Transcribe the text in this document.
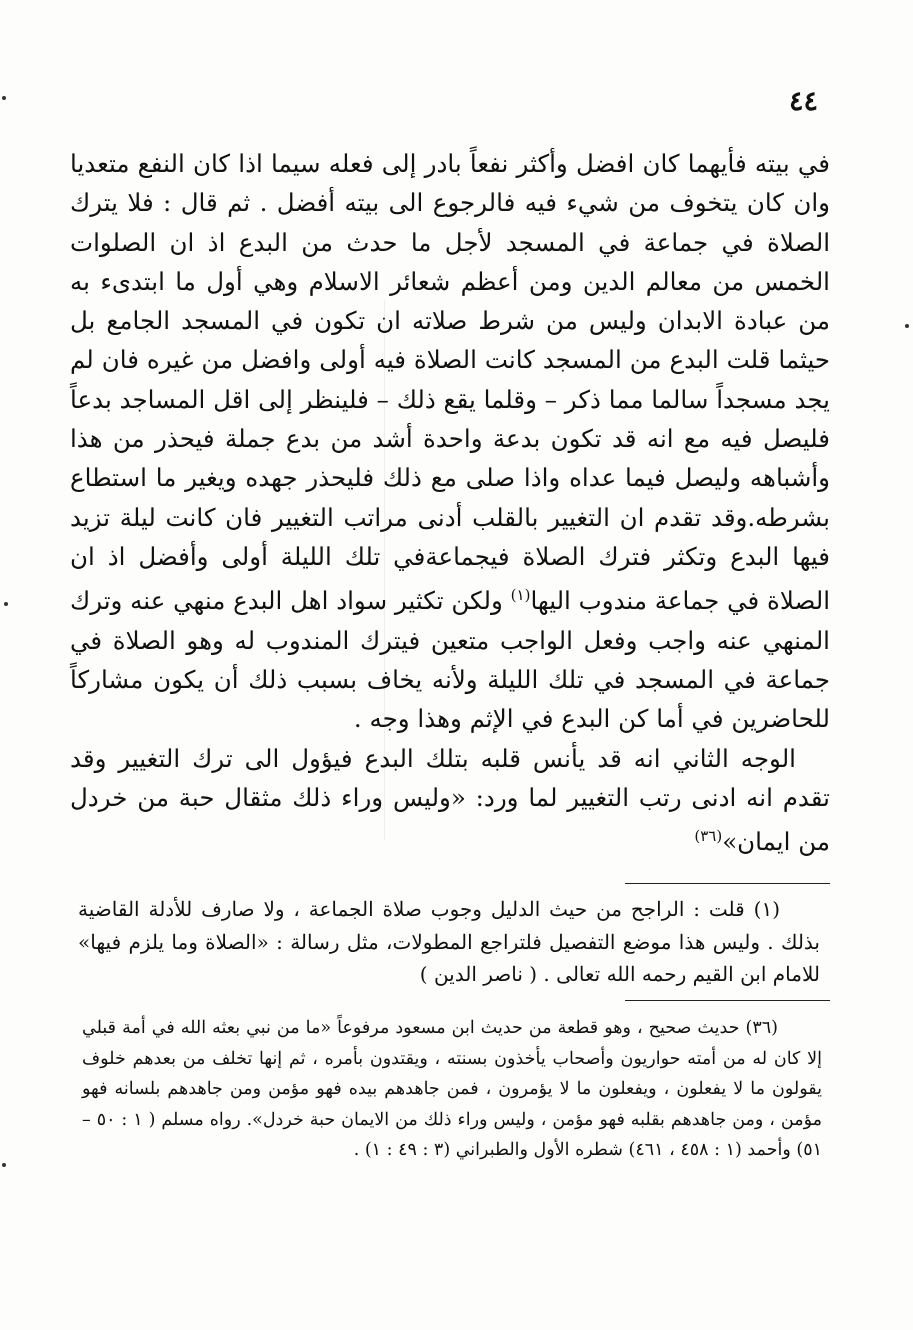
٤٤

في بيته فأيهما كان افضل وأكثر نفعاً بادر إلى فعله سيما اذا كان النفع متعديا وان كان يتخوف من شيء فيه فالرجوع الى بيته أفضل . ثم قال : فلا يترك الصلاة في جماعة في المسجد لأجل ما حدث من البدع اذ ان الصلوات الخمس من معالم الدين ومن أعظم شعائر الاسلام وهي أول ما ابتدىء به من عبادة الابدان وليس من شرط صلاته ان تكون في المسجد الجامع بل حيثما قلت البدع من المسجد كانت الصلاة فيه أولى وافضل من غيره فان لم يجد مسجداً سالما مما ذكر – وقلما يقع ذلك – فلينظر إلى اقل المساجد بدعاً فليصل فيه مع انه قد تكون بدعة واحدة أشد من بدع جملة فيحذر من هذا وأشباهه وليصل فيما عداه واذا صلى مع ذلك فليحذر جهده ويغير ما استطاع بشرطه.وقد تقدم ان التغيير بالقلب أدنى مراتب التغيير فان كانت ليلة تزيد فيها البدع وتكثر فترك الصلاة فيجماعةفي تلك الليلة أولى وأفضل اذ ان الصلاة في جماعة مندوب اليها$^{(١)}$ ولكن تكثير سواد اهل البدع منهي عنه وترك المنهي عنه واجب وفعل الواجب متعين فيترك المندوب له وهو الصلاة في جماعة في المسجد في تلك الليلة ولأنه يخاف بسبب ذلك أن يكون مشاركاً للحاضرين في أما كن البدع في الإثم وهذا وجه .

الوجه الثاني انه قد يأنس قلبه بتلك البدع فيؤول الى ترك التغيير وقد تقدم انه ادنى رتب التغيير لما ورد: «وليس وراء ذلك مثقال حبة من خردل من ايمان»$^{(٣٦)}$

(١) قلت : الراجح من حيث الدليل وجوب صلاة الجماعة ، ولا صارف للأدلة القاضية بذلك . وليس هذا موضع التفصيل فلتراجع المطولات، مثل رسالة : «الصلاة وما يلزم فيها» للامام ابن القيم رحمه الله تعالى . ( ناصر الدين )

(٣٦) حديث صحيح ، وهو قطعة من حديث ابن مسعود مرفوعاً «ما من نبي بعثه الله في أمة قبلي إلا كان له من أمته حواريون وأصحاب يأخذون بسنته ، ويقتدون بأمره ، ثم إنها تخلف من بعدهم خلوف يقولون ما لا يفعلون ، ويفعلون ما لا يؤمرون ، فمن جاهدهم بيده فهو مؤمن ومن جاهدهم بلسانه فهو مؤمن ، ومن جاهدهم بقلبه فهو مؤمن ، وليس وراء ذلك من الايمان حبة خردل». رواه مسلم ( ١ : ٥٠ – ٥١) وأحمد (١ : ٤٥٨ ، ٤٦١) شطره الأول والطبراني (٣ : ٤٩ : ١) .
